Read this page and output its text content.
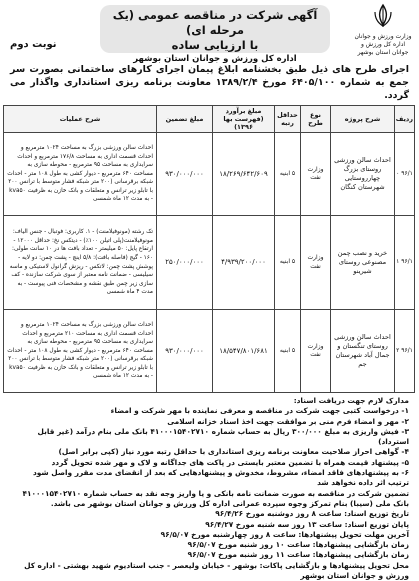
وزارت ورزش و جوانان
اداره کل ورزش و جوانان استان بوشهر
آگهی شرکت در مناقصه عمومی (یک مرحله ای)
با ارزیابی ساده
اداره کل ورزش و جوانان استان بوشهر
نوبت دوم
اجرای طرح های ذیل طبق بخشنامه ابلاغ پیمان اجرای کارهای ساختمانی بصورت سر جمع به شماره ۶۴۰۵/۱۰۰ مورخ ۱۳۸۹/۲/۴ معاونت برنامه ریزی استانداری واگذار می گردد.
ردیف	شرح پروژه	نوع طرح	حداقل رتبه	مبلغ برآورد (فهرست بها ۱۳۹۶)	مبلغ تضمین	شرح عملیات
۹۶/۱ ۰	احداث سالن ورزشی روستای بزرگ چهارروستایی شهرستان کنگان	وزارت نفت	۵ ابنیه	۱۸/۲۶۹/۶۴۲/۶۰۹	۹۳۰/۰۰۰/۰۰۰	احداث سالن ورزشی بزرگ به مساحت ۱۰۲۴ مترمربع و احداث قسمت اداری به مساحت ۱۷۶/۸ مترمربع و احداث سرایداری به مساحت ۹۵ مترمربع - محوطه سازی به مساحت ۶۴۰ مترمربع - دیوار کشی به طول ۱۰۸ متر - احداث شبکه برقرسانی (۲۰۰ متر شبکه فشار متوسط با ترانس ۲۰۰ با تابلو زیر ترانس و متعلقات و بانک خازن به ظرفیت kva۵۰ - به مدت ۱۲ ماه شمسی
۹۶/۱ ۱	خرید و نصب چمن مصنوعی روستای شیرینو	وزارت نفت	۵ ابنیه	۴/۹۳۹/۲۰۰/۰۰۰	۲۵۰/۰۰۰/۰۰۰	تک رشته (مونوفیلامنت) - ۱. کاربری: فوتبال - جنس الیاف: مونوفیلامنت(پلی اتیلن ۱۰۰٪) - دیتکس نخ: حداقل ۱۲۰۰۰ - ارتفاع پایل: ۵۰ میلیمتر - تعداد بافت ها در ۱۰ سانت طولی: ۱۶۰ - گیج (فاصله بافت): ۵/۸ اینچ - پشت چمن: دو لایه - پوشش پشت چمن: لاتکس - ریزش گرانول لاستیکی و ماسه سیلیسی - ضمانت نامه معتبر از سوی شرکت سازنده - کف سازی زیر چمن طبق نقشه و مشخصات فنی پیوست - به مدت ۴ ماه شمسی
۹۶/۱ ۲	احداث سالن ورزشی روستای تنگستان و جمال آباد شهرستان جم	وزارت نفت	۵ ابنیه	۱۸/۵۴۷/۸۰۱/۶۸۱	۹۳۰/۰۰۰/۰۰۰	احداث سالن ورزشی بزرگ به مساحت ۱۰۲۴ مترمربع و احداث قسمت اداری به مساحت ۲۱۰ مترمربع و احداث سرایداری به مساحت ۹۵ مترمربع - محوطه سازی به مساحت ۶۴۰ مترمربع - دیوار کشی به طول ۱۰۸ متر - احداث شبکه برقرسانی (۲۰۰ متر شبکه فشار متوسط با ترانس ۲۰۰ با تابلو زیر ترانس و متعلقات و بانک خازن به ظرفیت kva۵۰ - به مدت ۱۲ ماه شمسی
مدارک لازم جهت دریافت اسناد:
۱- درخواست کتبی جهت شرکت در مناقصه و معرفی نماینده با مهر شرکت و امضاء
۲- مهر و امضاء فرم منی بر موافقت جهت اخذ اسناد خزانه اسلامی
۳- فیش واریزی به مبلغ ۳۰۰/۰۰۰ ریال به حساب شماره ۴۱۰۰۰۱۵۴۰۲۷۱۰ بانک ملی بنام درآمد (غیر قابل استرداد)
۴- گواهی احراز صلاحیت معاونت برنامه ریزی استانداری با حداقل رتبه مورد نیاز (کپی برابر اصل)
۵- پیشنهاد قیمت همراه با تضمین معتبر بایستی در پاکت های جداگانه و لاک و مهر شده تحویل گردد
۶- به پیشنهادهای فاقد امضاء، مشروط، مخدوش و پیشنهادهایی که بعد از انقضای مدت مقرر واصل شود ترتیب اثر داده نخواهد شد
تضمین شرکت در مناقصه به صورت ضمانت نامه بانکی و یا واریز وجه نقد به حساب شماره ۴۱۰۰۰۱۵۴۰۲۷۱۰ بانک ملی (سیبا) بنام تمرکز وجوه سپرده عمرانی اداره کل ورزش و جوانان استان بوشهر می باشد.
تاریخ توزیع اسناد: ساعت ۸ روز دوشنبه مورخ ۹۶/۴/۲۶
پایان توزیع اسناد: ساعت ۱۳ روز سه شنبه مورخ ۹۶/۴/۲۷
آخرین مهلت تحویل پیشنهادها: ساعت ۸ روز چهارشنبه مورخ ۹۶/۵/۰۷
زمان بازگشایی پیشنهادها: ساعت ۱۰ روز شنبه مورخ ۹۶/۵/۰۷
زمان بازگشایی پیشنهادها: ساعت ۱۱ روز شنبه مورخ ۹۶/۵/۰۷
محل تحویل پیشنهادها و بازگشایی پاکات: بوشهر - خیابان ولیعصر - جنب استادیوم شهید بهشتی - اداره کل ورزش و جوانان استان بوشهر
